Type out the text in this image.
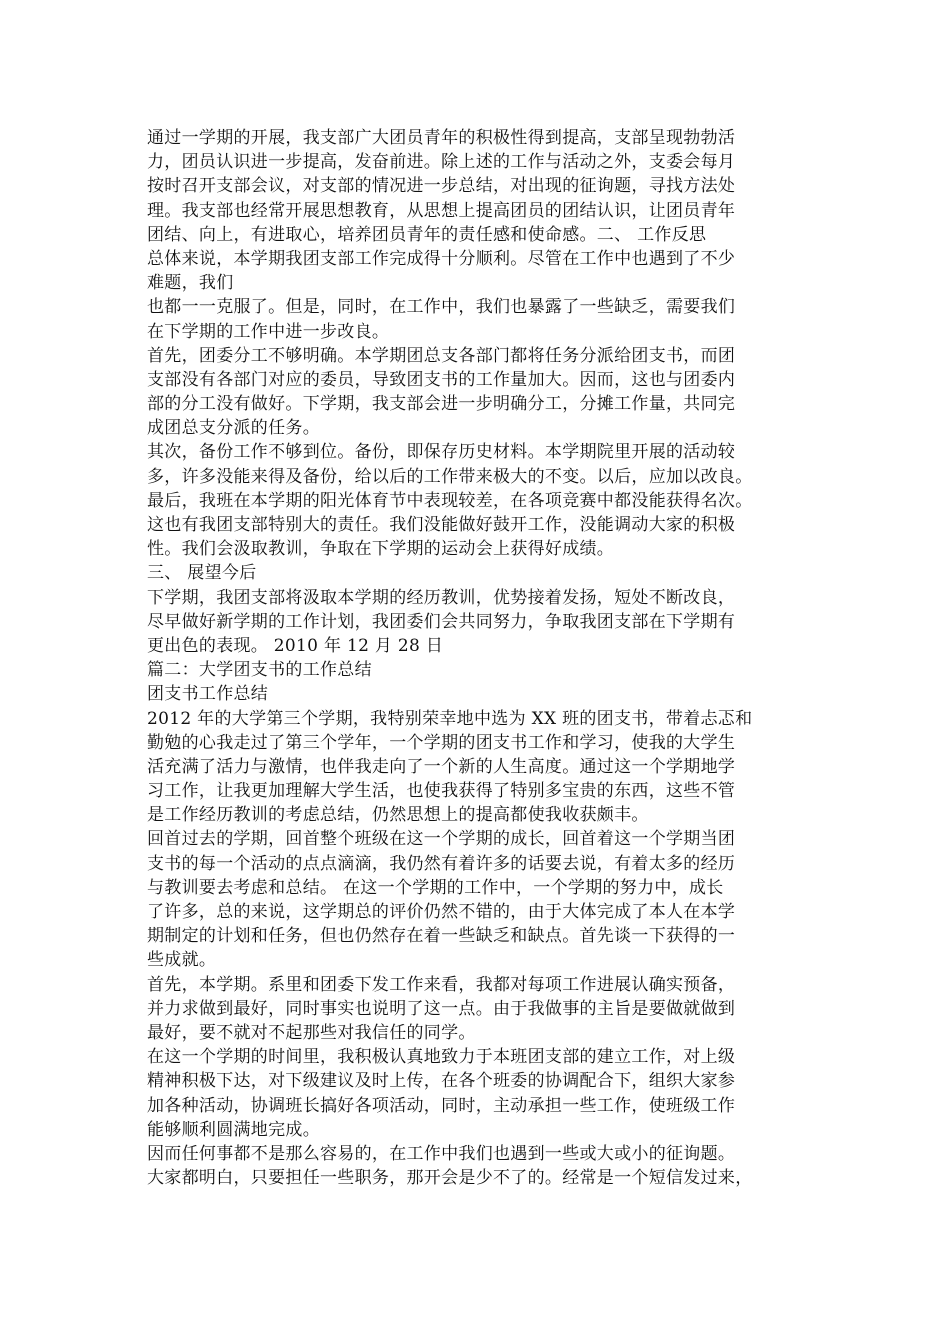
通过一学期的开展，我支部广大团员青年的积极性得到提高，支部呈现勃勃活
力，团员认识进一步提高，发奋前进。除上述的工作与活动之外，支委会每月
按时召开支部会议，对支部的情况进一步总结，对出现的征询题，寻找方法处
理。我支部也经常开展思想教育，从思想上提高团员的团结认识，让团员青年
团结、向上，有进取心，培养团员青年的责任感和使命感。二、 工作反思
总体来说，本学期我团支部工作完成得十分顺利。尽管在工作中也遇到了不少
难题，我们
也都一一克服了。但是，同时，在工作中，我们也暴露了一些缺乏，需要我们
在下学期的工作中进一步改良。
首先，团委分工不够明确。本学期团总支各部门都将任务分派给团支书，而团
支部没有各部门对应的委员，导致团支书的工作量加大。因而，这也与团委内
部的分工没有做好。下学期，我支部会进一步明确分工，分摊工作量，共同完
成团总支分派的任务。
其次，备份工作不够到位。备份，即保存历史材料。本学期院里开展的活动较
多，许多没能来得及备份，给以后的工作带来极大的不变。以后，应加以改良。
最后，我班在本学期的阳光体育节中表现较差，在各项竞赛中都没能获得名次。
这也有我团支部特别大的责任。我们没能做好鼓开工作，没能调动大家的积极
性。我们会汲取教训，争取在下学期的运动会上获得好成绩。
三、 展望今后
下学期，我团支部将汲取本学期的经历教训，优势接着发扬，短处不断改良，
尽早做好新学期的工作计划，我团委们会共同努力，争取我团支部在下学期有
更出色的表现。 2010 年 12 月 28 日
篇二：大学团支书的工作总结
团支书工作总结
2012 年的大学第三个学期，我特别荣幸地中选为 XX 班的团支书，带着忐忑和
勤勉的心我走过了第三个学年，一个学期的团支书工作和学习，使我的大学生
活充满了活力与激情，也伴我走向了一个新的人生高度。通过这一个学期地学
习工作，让我更加理解大学生活，也使我获得了特别多宝贵的东西，这些不管
是工作经历教训的考虑总结，仍然思想上的提高都使我收获颇丰。
回首过去的学期，回首整个班级在这一个学期的成长，回首着这一个学期当团
支书的每一个活动的点点滴滴，我仍然有着许多的话要去说，有着太多的经历
与教训要去考虑和总结。 在这一个学期的工作中，一个学期的努力中，成长
了许多，总的来说，这学期总的评价仍然不错的，由于大体完成了本人在本学
期制定的计划和任务，但也仍然存在着一些缺乏和缺点。首先谈一下获得的一
些成就。
首先，本学期。系里和团委下发工作来看，我都对每项工作进展认确实预备，
并力求做到最好，同时事实也说明了这一点。由于我做事的主旨是要做就做到
最好，要不就对不起那些对我信任的同学。
在这一个学期的时间里，我积极认真地致力于本班团支部的建立工作，对上级
精神积极下达，对下级建议及时上传，在各个班委的协调配合下，组织大家参
加各种活动，协调班长搞好各项活动，同时，主动承担一些工作，使班级工作
能够顺利圆满地完成。
因而任何事都不是那么容易的，在工作中我们也遇到一些或大或小的征询题。
大家都明白，只要担任一些职务，那开会是少不了的。经常是一个短信发过来，
